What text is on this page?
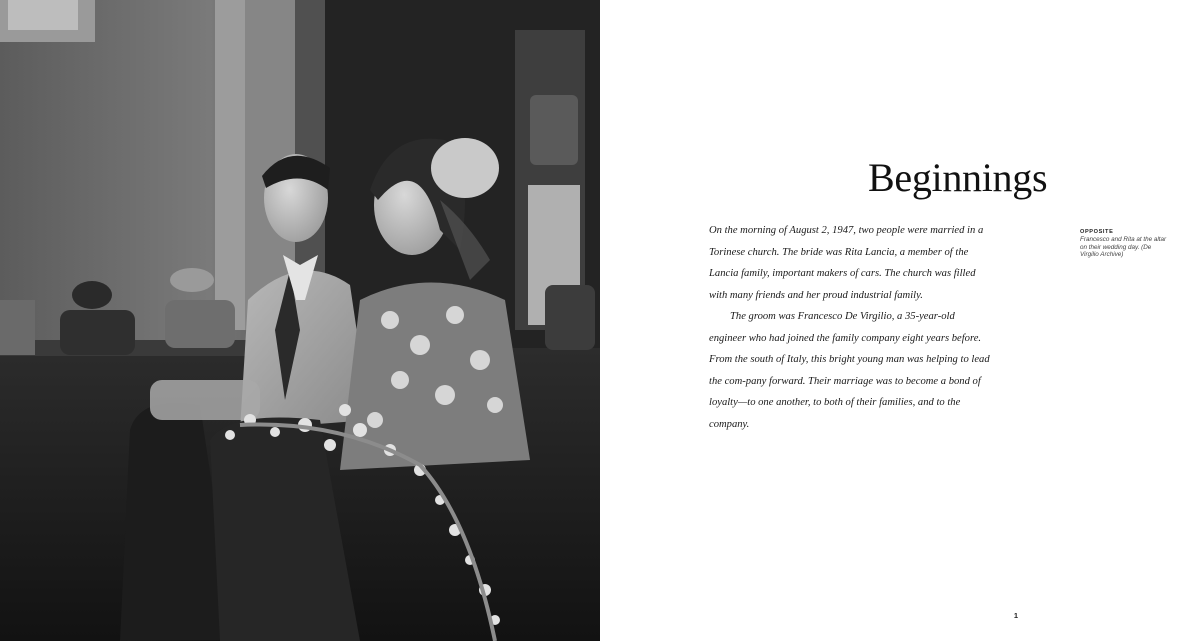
Beginnings

On the morning of August 2, 1947, two people were married in a Torinese church. The bride was Rita Lancia, a member of the Lancia family, important makers of cars. The church was filled with many friends and her proud industrial family.

The groom was Francesco De Virgilio, a 35-year-old engineer who had joined the family company eight years before. From the south of Italy, this bright young man was helping to lead the com-pany forward. Their marriage was to become a bond of loyalty—to one another, to both of their families, and to the company.

OPPOSITE
Francesco and Rita at the altar on their wedding day. (De Virgilio Archive)
1
